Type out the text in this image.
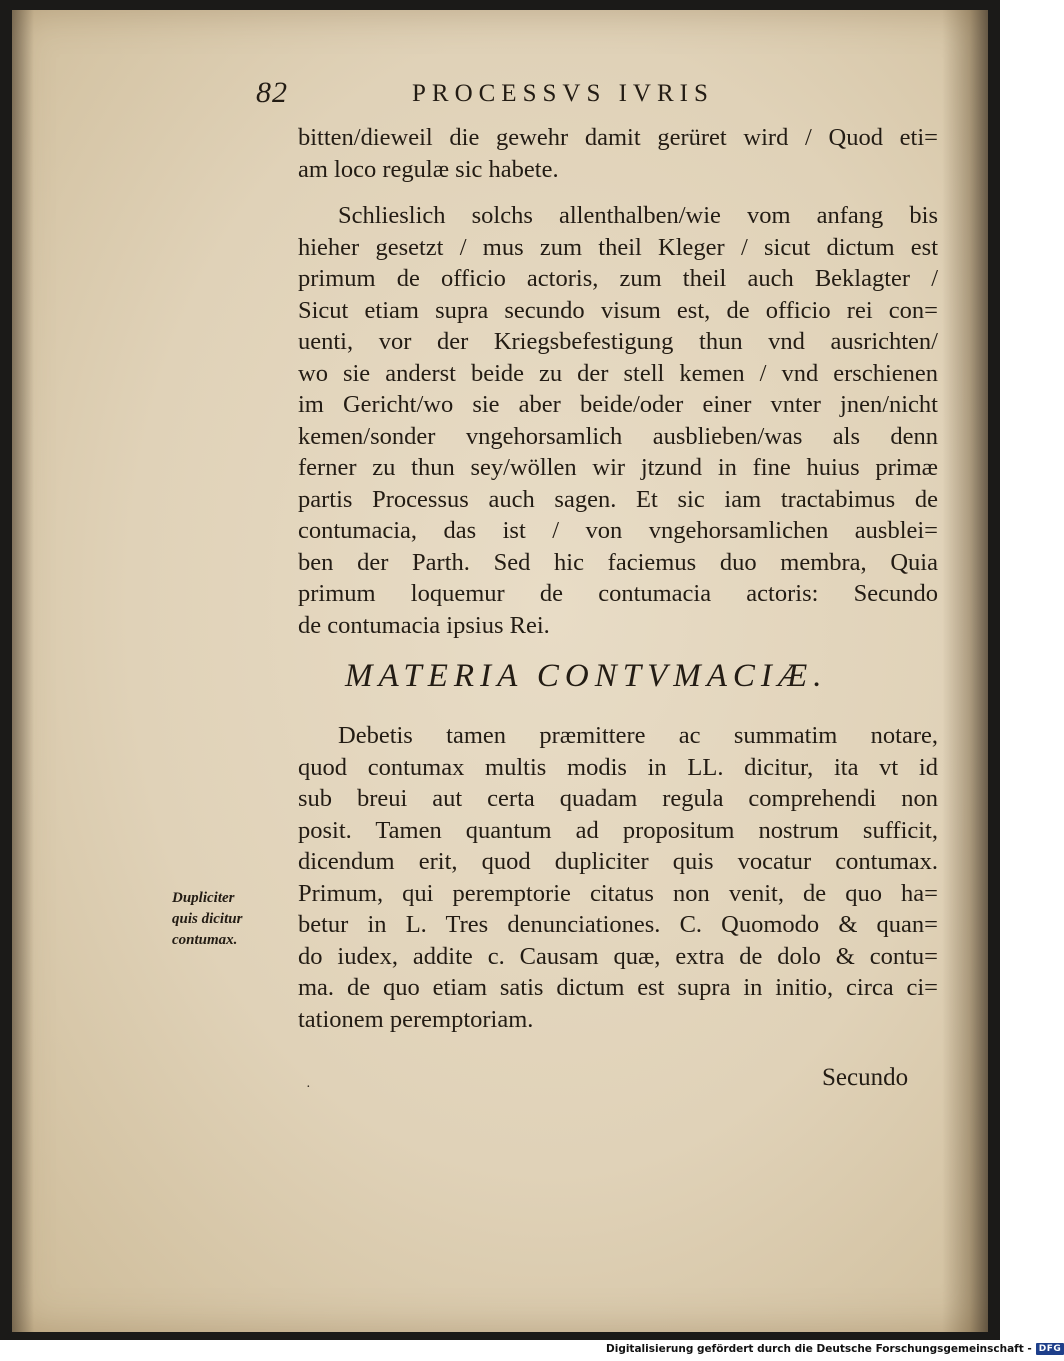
82	PROCESSVS IVRIS
bitten/dieweil die gewehr damit gerüret wird / Quod eti=
am loco regulæ sic habete.
Schlieslich solchs allenthalben/wie vom anfang bis
hieher gesetzt / mus zum theil Kleger / sicut dictum est
primum de officio actoris, zum theil auch Beklagter /
Sicut etiam supra secundo visum est, de officio rei con=
uenti, vor der Kriegsbefestigung thun vnd ausrichten/
wo sie anderst beide zu der stell kemen / vnd erschienen
im Gericht/wo sie aber beide/oder einer vnter jnen/nicht
kemen/sonder vngehorsamlich ausblieben/was als denn
ferner zu thun sey/wöllen wir jtzund in fine huius primæ
partis Processus auch sagen. Et sic iam tractabimus de
contumacia, das ist / von vngehorsamlichen ausblei=
ben der Parth. Sed hic faciemus duo membra, Quia
primum loquemur de contumacia actoris: Secundo
de contumacia ipsius Rei.
MATERIA CONTVMACIÆ.
Debetis tamen præmittere ac summatim notare,
quod contumax multis modis in LL. dicitur, ita vt id
sub breui aut certa quadam regula comprehendi non
posit. Tamen quantum ad propositum nostrum sufficit,
dicendum erit, quod dupliciter quis vocatur contumax.
Primum, qui peremptorie citatus non venit, de quo ha=
betur in L. Tres denunciationes. C. Quomodo & quan=
do iudex, addite c. Causam quæ, extra de dolo & contu=
ma. de quo etiam satis dictum est supra in initio, circa ci=
tationem peremptoriam.
Dupliciter
quis dicitur
contumax.
·	Secundo
Digitalisierung gefördert durch die Deutsche Forschungsgemeinschaft - DFG
